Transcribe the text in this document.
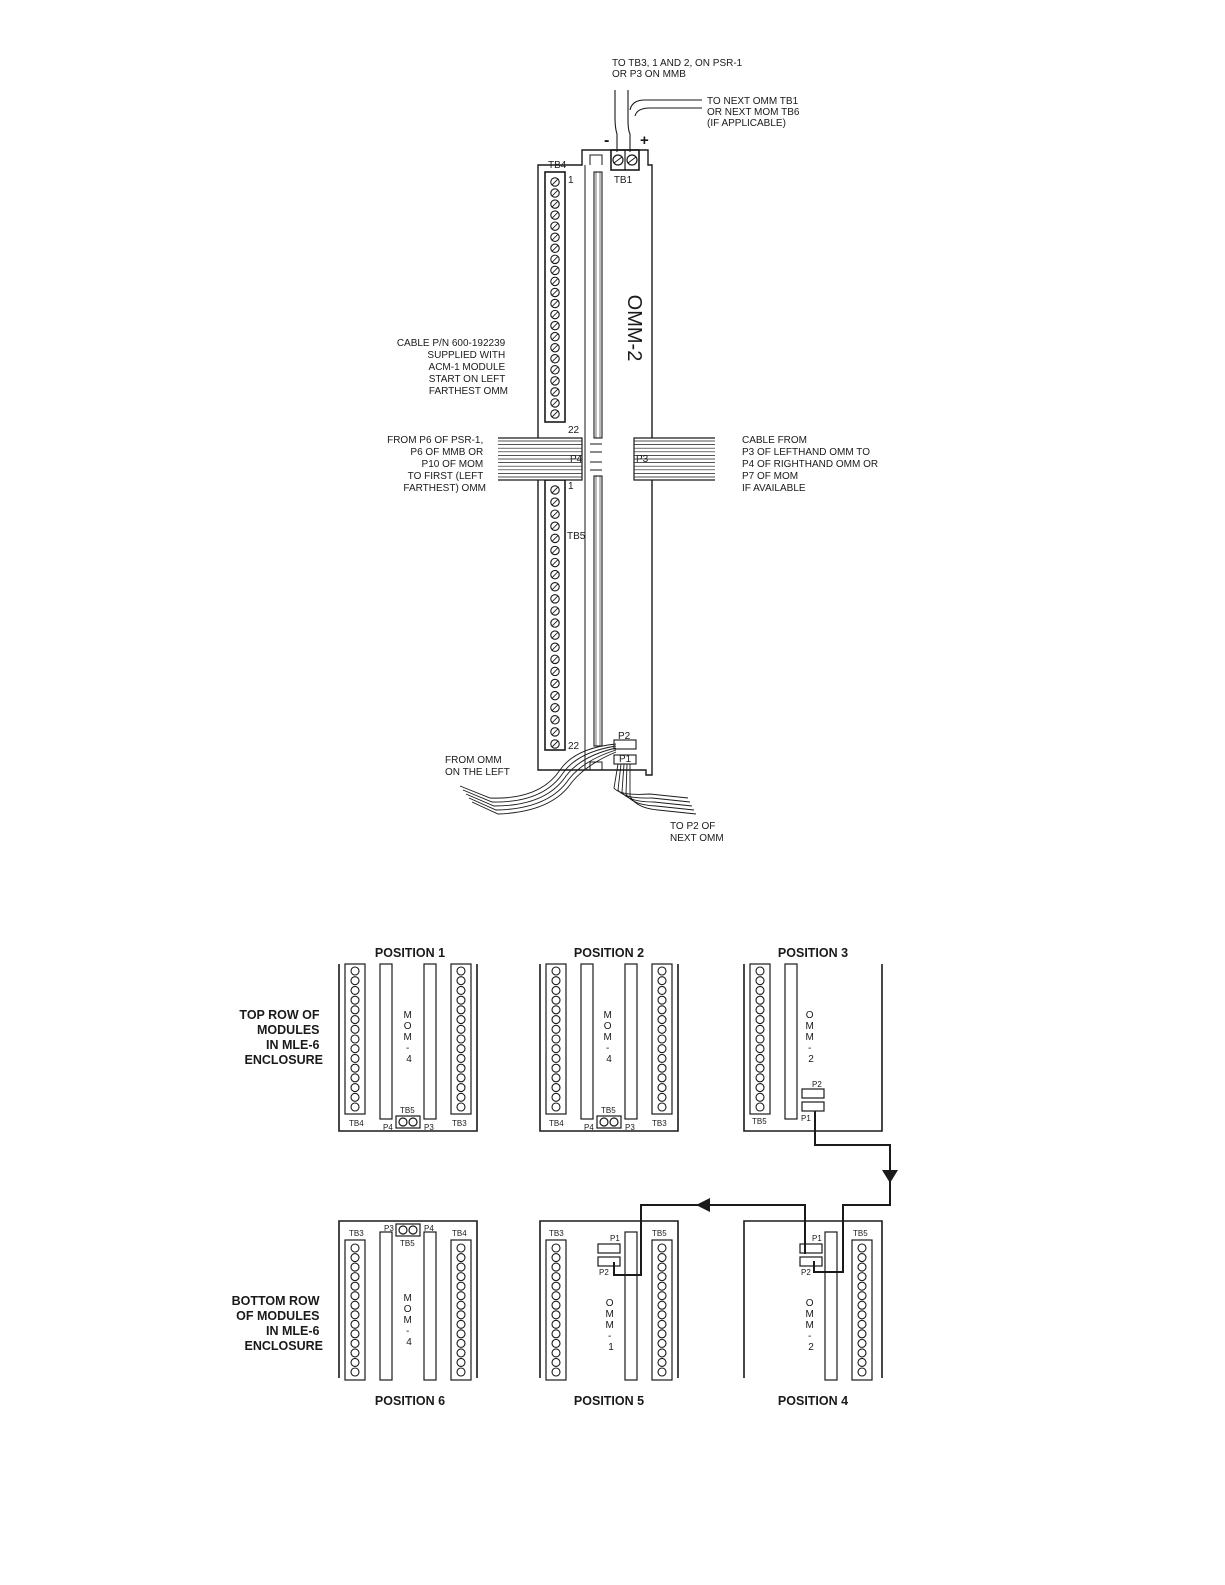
OMM-2
TB1
- +
TB4
1
22
TB5
1
22
P4	P3
P2
P1
TO TB3, 1 AND 2, ON PSR-1 OR P3 ON MMB
TO NEXT OMM TB1 OR NEXT MOM TB6 (IF APPLICABLE)
CABLE P/N 600-192239 SUPPLIED WITH ACM-1 MODULE START ON LEFT FARTHEST OMM
FROM P6 OF PSR-1, P6 OF MMB OR P10 OF MOM TO FIRST (LEFT FARTHEST) OMM
CABLE FROM P3 OF LEFTHAND OMM TO P4 OF RIGHTHAND OMM OR P7 OF MOM IF AVAILABLE
FROM OMM ON THE LEFT
TO P2 OF NEXT OMM
TOP ROW OF MODULES IN MLE-6 ENCLOSURE
BOTTOM ROW OF MODULES IN MLE-6 ENCLOSURE
POSITION 1	POSITION 2	POSITION 3
POSITION 6	POSITION 5	POSITION 4
M O M - 4
TB4	TB3
TB5
P4	P3
M O M - 4
TB4	TB3
TB5
P4	P3
O M M - 2
TB5
P2
P1
M O M - 4
TB3	TB4
TB5
P3	P4
O M M - 1
TB3	TB5
P1
P2
O M M - 2
TB5
P1
P2
